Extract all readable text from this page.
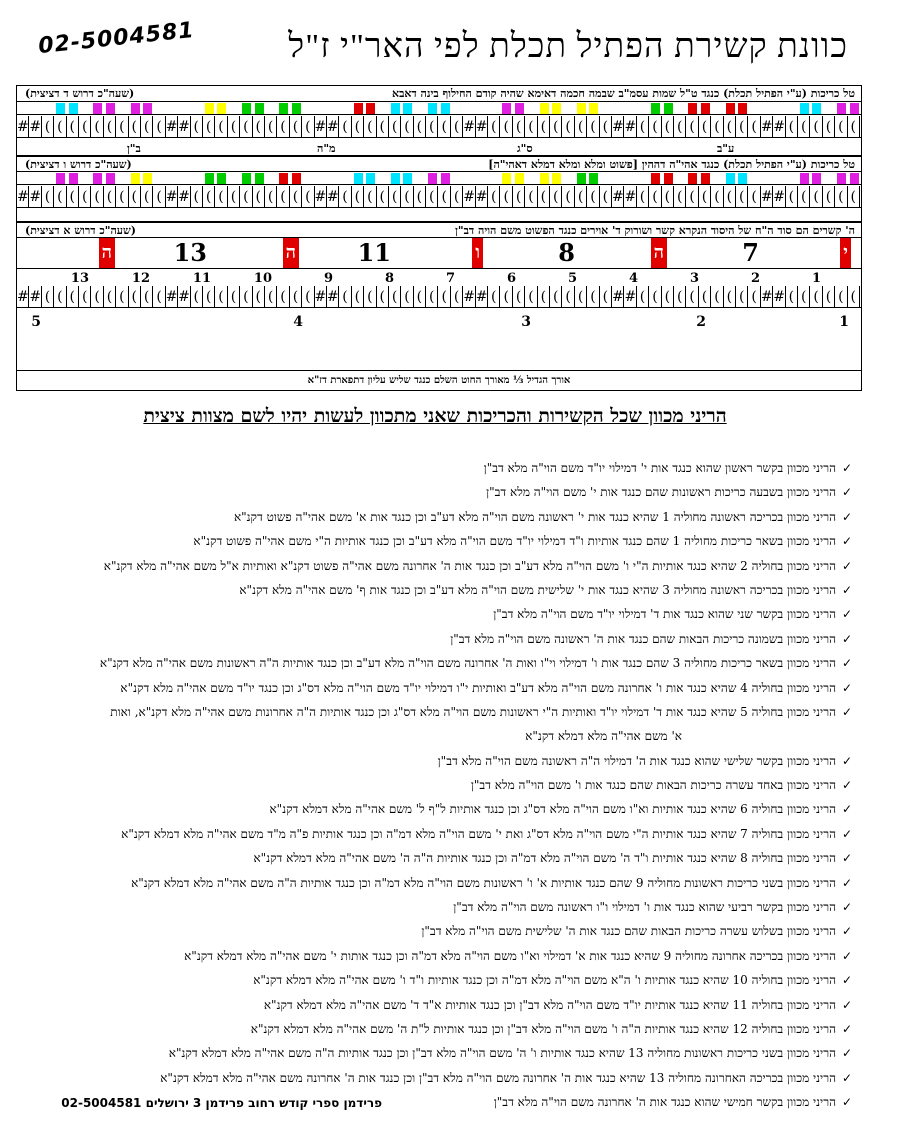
02-5004581	כוונת קשירת הפתיל תכלת לפי האר"י ז"ל
טל כריכות (ע"י הפתיל תכלת) כנגד ט"ל שמות עסמ"ב שבמה חכמה דאימא שהיה קודם החילוף בינה דאבא
(שעה"כ דרוש ד דציצית)
# # ( ( ( ( ( ( ( ( ( ( # # ( ( ( ( ( ( ( ( ( ( # # ( ( ( ( ( ( ( ( ( ( # # ( ( ( ( ( ( ( ( ( ( # # ( ( ( ( ( ( ( ( ( ( # # ( ( ( ( ( (
ע"ב
ס"ג
מ"ה
ב"ן
טל כריכות (ע"י הפתיל תכלת) כנגד אהי"ה דההין [פשוט ומלא ומלא דמלא דאהי"ה]
(שעה"כ דרוש ו דציצית)
# # ( ( ( ( ( ( ( ( ( ( # # ( ( ( ( ( ( ( ( ( ( # # ( ( ( ( ( ( ( ( ( ( # # ( ( ( ( ( ( ( ( ( ( # # ( ( ( ( ( ( ( ( ( ( # # ( ( ( ( ( (
ה' קשרים הם סוד ה"ח של היסוד הנקרא קשר ושורוק ד' אוירים כנגד הפשוט משם הויה דב"ן
(שעה"כ דרוש א דציצית)
י
7
ה
8
ו
11
ה
13
ה
1
2
3
4
5
6
7
8
9
10
11
12
13
# # ( ( ( ( ( ( ( ( ( ( # # ( ( ( ( ( ( ( ( ( ( # # ( ( ( ( ( ( ( ( ( ( # # ( ( ( ( ( ( ( ( ( ( # # ( ( ( ( ( ( ( ( ( ( # # ( ( ( ( ( (
1
2
3
4
5
אורך הגדיל ⅓ מאורך החוט השלם כנגד שליש עליון דתפארת דז"א
הריני מכוון שכל הקשירות והכריכות שאני מתכוון לעשות יהיו לשם מצוות ציצית
✓
הריני מכוון בקשר ראשון שהוא כנגד אות י' דמילוי יו"ד משם הוי"ה מלא דב"ן
✓
הריני מכוון בשבעה כריכות ראשונות שהם כנגד אות י' משם הוי"ה מלא דב"ן
✓
הריני מכוון בכריכה ראשונה מחוליה 1 שהיא כנגד אות י' ראשונה משם הוי"ה מלא דע"ב וכן כנגד אות א' משם אהי"ה פשוט דקנ"א
✓
הריני מכוון בשאר כריכות מחוליה 1 שהם כנגד אותיות ו"ד דמילוי יו"ד משם הוי"ה מלא דע"ב וכן כנגד אותיות ה"י משם אהי"ה פשוט דקנ"א
✓
הריני מכוון בחוליה 2 שהיא כנגד אותיות ה"י ו' משם הוי"ה מלא דע"ב וכן כנגד אות ה' אחרונה משם אהי"ה פשוט דקנ"א ואותיות א"ל משם אהי"ה מלא דקנ"א
✓
הריני מכוון בכריכה ראשונה מחוליה 3 שהיא כנגד אות י' שלישית משם הוי"ה מלא דע"ב וכן כנגד אות ף' משם אהי"ה מלא דקנ"א
✓
הריני מכוון בקשר שני שהוא כנגד אות ד' דמילוי יו"ד משם הוי"ה מלא דב"ן
✓
הריני מכוון בשמונה כריכות הבאות שהם כנגד אות ה' ראשונה משם הוי"ה מלא דב"ן
✓
הריני מכוון בשאר כריכות מחוליה 3 שהם כנגד אות ו' דמילוי וי"ו ואות ה' אחרונה משם הוי"ה מלא דע"ב וכן כנגד אותיות ה"ה ראשונות משם אהי"ה מלא דקנ"א
✓
הריני מכוון בחוליה 4 שהיא כנגד אות ו' אחרונה משם הוי"ה מלא דע"ב ואותיות י"ו דמילוי יו"ד משם הוי"ה מלא דס"ג וכן כנגד יו"ד משם אהי"ה מלא דקנ"א
✓
הריני מכוון בחוליה 5 שהיא כנגד אות ד' דמילוי יו"ד ואותיות ה"י ראשונות משם הוי"ה מלא דס"ג וכן כנגד אותיות ה"ה אחרונות משם אהי"ה מלא דקנ"א, ואות
א' משם אהי"ה מלא דמלא דקנ"א
✓
הריני מכוון בקשר שלישי שהוא כנגד אות ה' דמילוי ה"ה ראשונה משם הוי"ה מלא דב"ן
✓
הריני מכוון באחד עשרה כריכות הבאות שהם כנגד אות ו' משם הוי"ה מלא דב"ן
✓
הריני מכוון בחוליה 6 שהיא כנגד אותיות וא"ו משם הוי"ה מלא דס"ג וכן כנגד אותיות ל"ף ל' משם אהי"ה מלא דמלא דקנ"א
✓
הריני מכוון בחוליה 7 שהיא כנגד אותיות ה"י משם הוי"ה מלא דס"ג ואת י' משם הוי"ה מלא דמ"ה וכן כנגד אותיות פ"ה מ"ד משם אהי"ה מלא דמלא דקנ"א
✓
הריני מכוון בחוליה 8 שהיא כנגד אותיות ו"ד ה' משם הוי"ה מלא דמ"ה וכן כנגד אותיות ה"ה ה' משם אהי"ה מלא דמלא דקנ"א
✓
הריני מכוון בשני כריכות ראשונות מחוליה 9 שהם כנגד אותיות א' ו' ראשונות משם הוי"ה מלא דמ"ה וכן כנגד אותיות ה"ה משם אהי"ה מלא דמלא דקנ"א
✓
הריני מכוון בקשר רביעי שהוא כנגד אות ו' דמילוי ו"ו ראשונה משם הוי"ה מלא דב"ן
✓
הריני מכוון בשלוש עשרה כריכות הבאות שהם כנגד אות ה' שלישית משם הוי"ה מלא דב"ן
✓
הריני מכוון בכריכה אחרונה מחוליה 9 שהיא כנגד אות א' דמילוי וא"ו משם הוי"ה מלא דמ"ה וכן כנגד אותות י' משם אהי"ה מלא דמלא דקנ"א
✓
הריני מכוון בחוליה 10 שהיא כנגד אותיות ו' ה"א משם הוי"ה מלא דמ"ה וכן כנגד אותיות ו"ד ו' משם אהי"ה מלא דמלא דקנ"א
✓
הריני מכוון בחוליה 11 שהיא כנגד אותיות יו"ד משם הוי"ה מלא דב"ן וכן כנגד אותיות א"ד ד' משם אהי"ה מלא דמלא דקנ"א
✓
הריני מכוון בחוליה 12 שהיא כנגד אותיות ה"ה ו' משם הוי"ה מלא דב"ן וכן כנגד אותיות ל"ת ה' משם אהי"ה מלא דמלא דקנ"א
✓
הריני מכוון בשני כריכות ראשונות מחוליה 13 שהיא כנגד אותיות ו' ה' משם הוי"ה מלא דב"ן וכן כנגד אותיות ה"ה משם אהי"ה מלא דמלא דקנ"א
✓
הריני מכוון בכריכה האחרונה מחוליה 13 שהיא כנגד אות ה' אחרונה משם הוי"ה מלא דב"ן וכן כנגד אות ה' אחרונה משם אהי"ה מלא דמלא דקנ"א
✓
הריני מכוון בקשר חמישי שהוא כנגד אות ה' אחרונה משם הוי"ה מלא דב"ן
פרידמן ספרי קודש רחוב פרידמן 3 ירושלים 02-5004581
